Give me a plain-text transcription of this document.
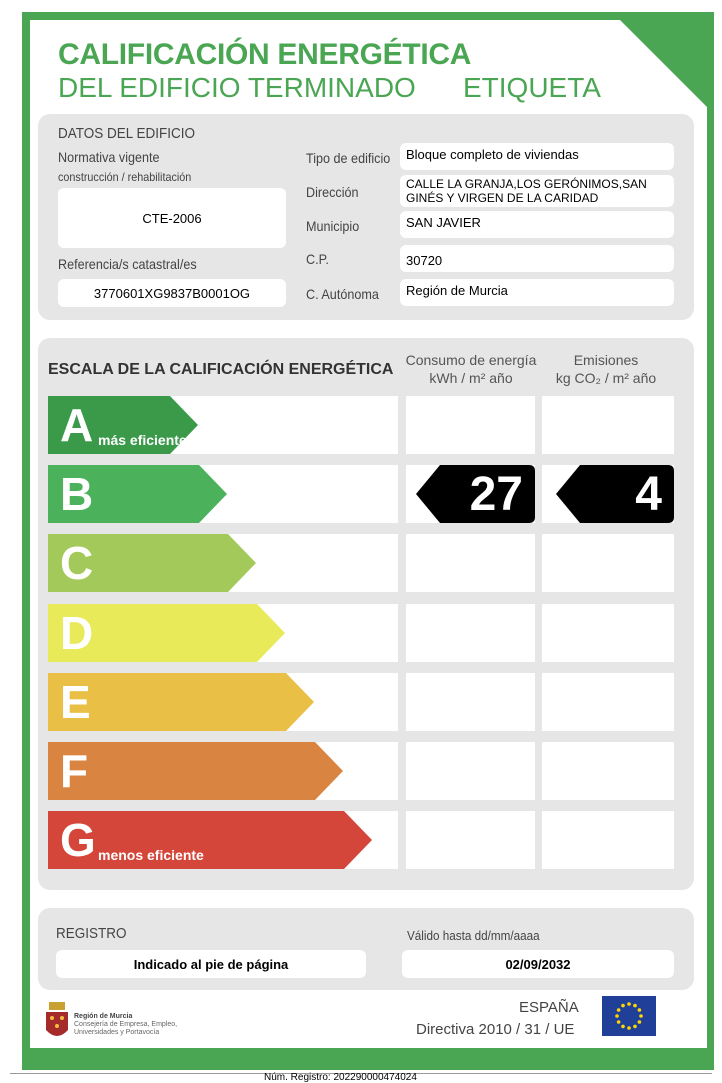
CALIFICACIÓN ENERGÉTICA
DEL EDIFICIO TERMINADO ETIQUETA
DATOS DEL EDIFICIO
Normativa vigente
construcción / rehabilitación
CTE-2006
Referencia/s catastral/es
3770601XG9837B0001OG
Tipo de edificio	Bloque completo de viviendas
Dirección	CALLE LA GRANJA,LOS GERÓNIMOS,SAN GINÉS Y VIRGEN DE LA CARIDAD
Municipio	SAN JAVIER
C.P.	30720
C. Autónoma	Región de Murcia
ESCALA DE LA CALIFICACIÓN ENERGÉTICA
Consumo de energía
kWh / m² año
Emisiones
kg CO₂ / m² año
A más eficiente
B	27 4
C
D
E
F
G menos eficiente
REGISTRO
Indicado al pie de página
Válido hasta dd/mm/aaaa
02/09/2032
Región de Murcia
Consejería de Empresa, Empleo,
Universidades y Portavocía
ESPAÑA
Directiva 2010 / 31 / UE
Núm. Registro: 202290000474024
